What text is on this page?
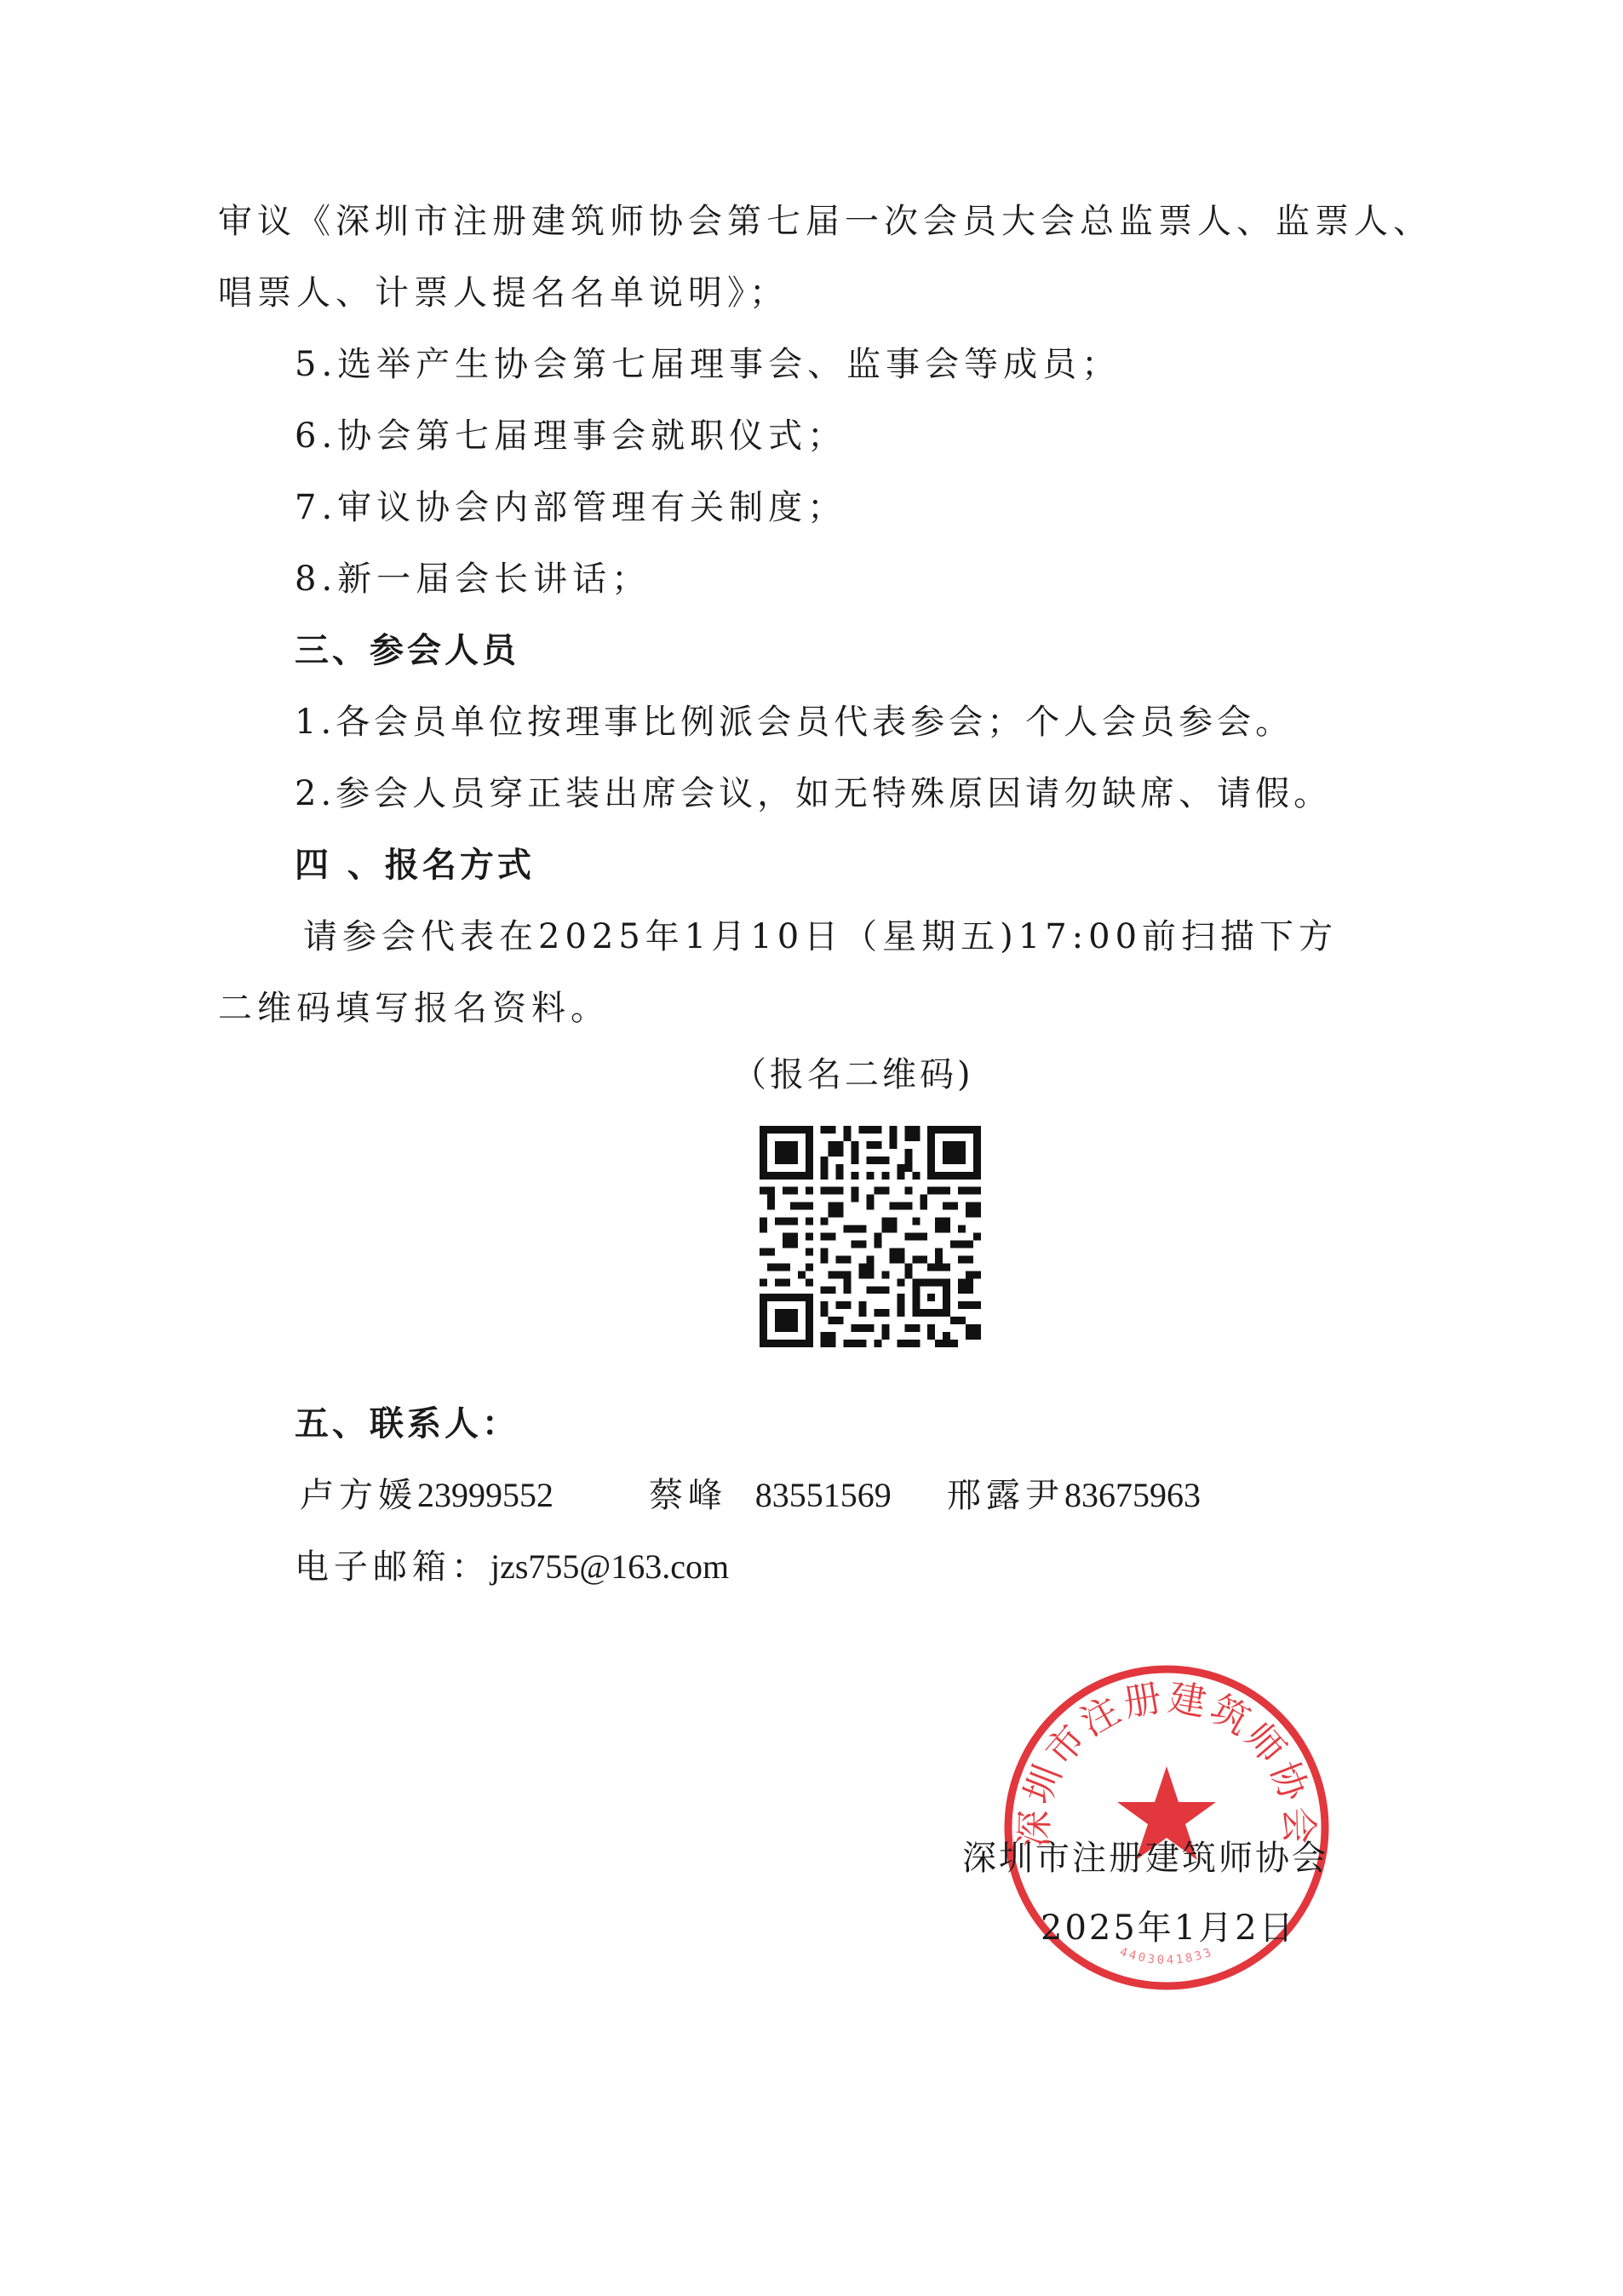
审议《深圳市注册建筑师协会第七届一次会员大会总监票人、监票人、
唱票人、计票人提名名单说明》；
5.选举产生协会第七届理事会、监事会等成员；
6.协会第七届理事会就职仪式；
7.审议协会内部管理有关制度；
8.新一届会长讲话；
三、参会人员
1.各会员单位按理事比例派会员代表参会；个人会员参会。
2.参会人员穿正装出席会议，如无特殊原因请勿缺席、请假。
四 、报名方式
请参会代表在2025年1月10日（星期五)17:00前扫描下方
二维码填写报名资料。
（报名二维码)
五、联系人：
卢方媛23999552	蔡峰 83551569 邢露尹83675963
电子邮箱：jzs755@163.com
深圳市注册建筑师协会
4403041833
深圳市注册建筑师协会
2025年1月2日
